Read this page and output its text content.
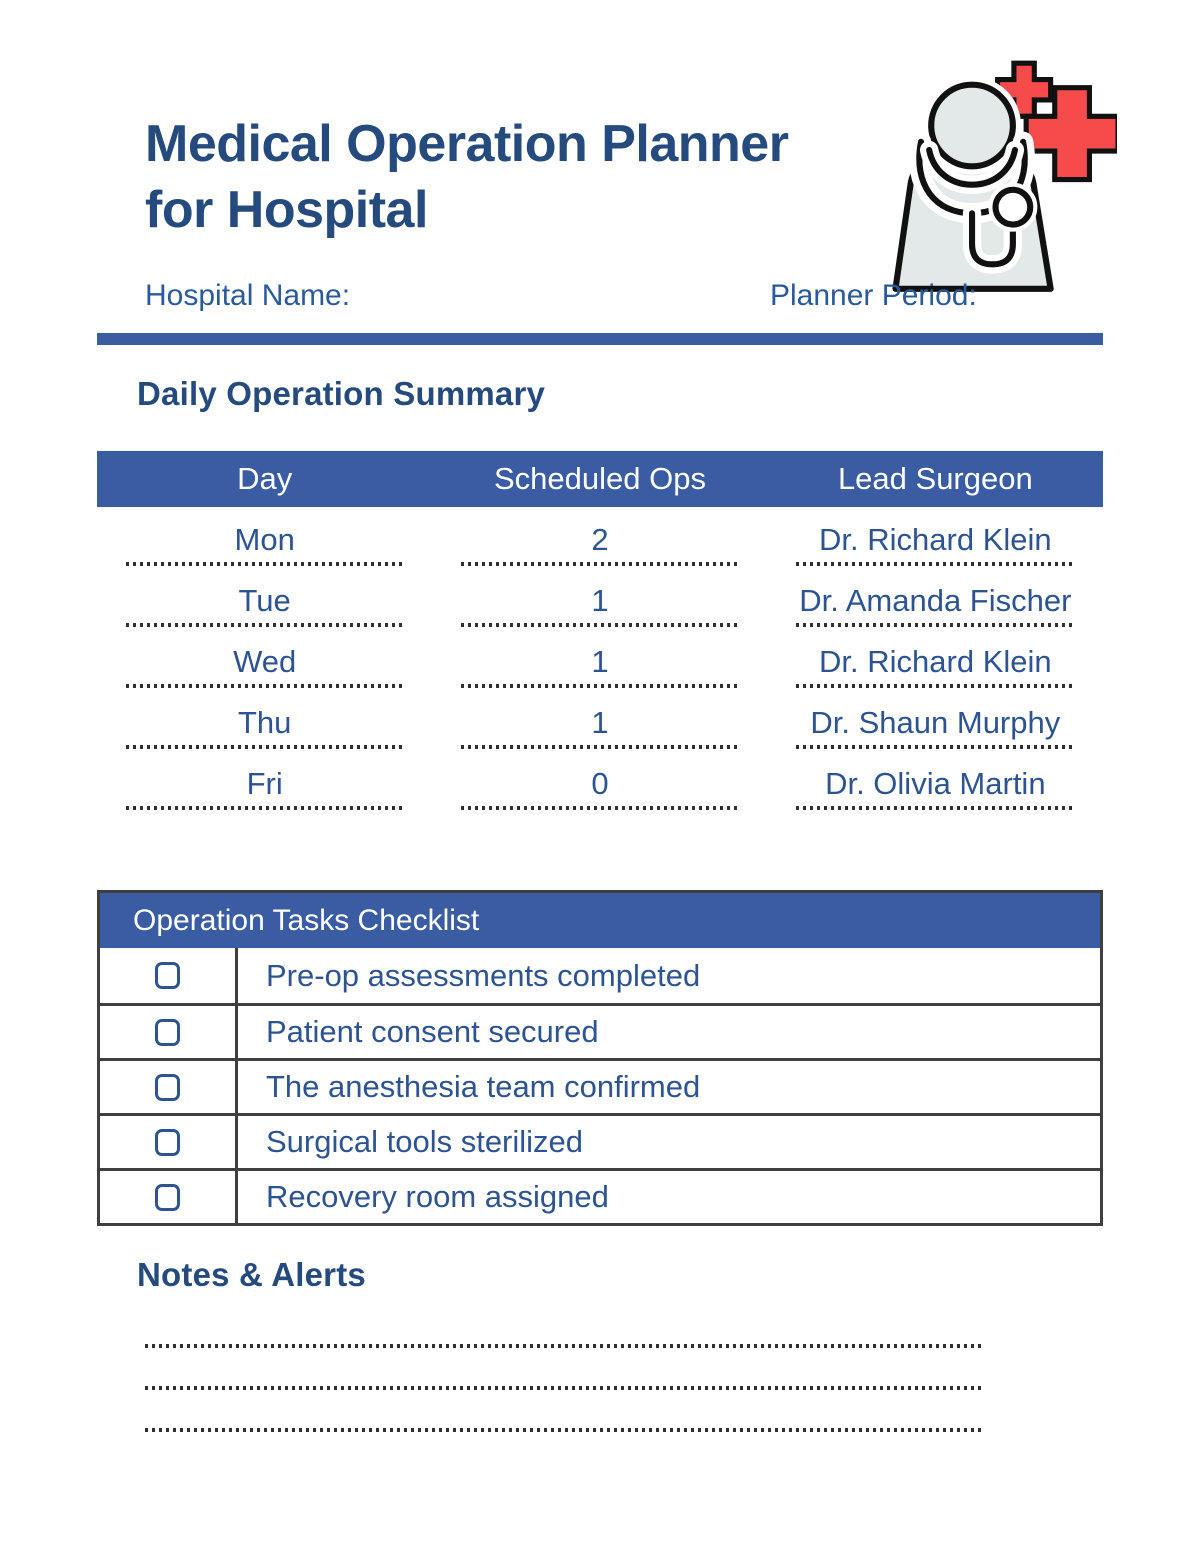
Medical Operation Planner for Hospital
Hospital Name:	Planner Period:
Daily Operation Summary
Day	Scheduled Ops	Lead Surgeon
Mon	2	Dr. Richard Klein
Tue	1	Dr. Amanda Fischer
Wed	1	Dr. Richard Klein
Thu	1	Dr. Shaun Murphy
Fri	0	Dr. Olivia Martin
Operation Tasks Checklist
Pre-op assessments completed
Patient consent secured
The anesthesia team confirmed
Surgical tools sterilized
Recovery room assigned
Notes & Alerts
